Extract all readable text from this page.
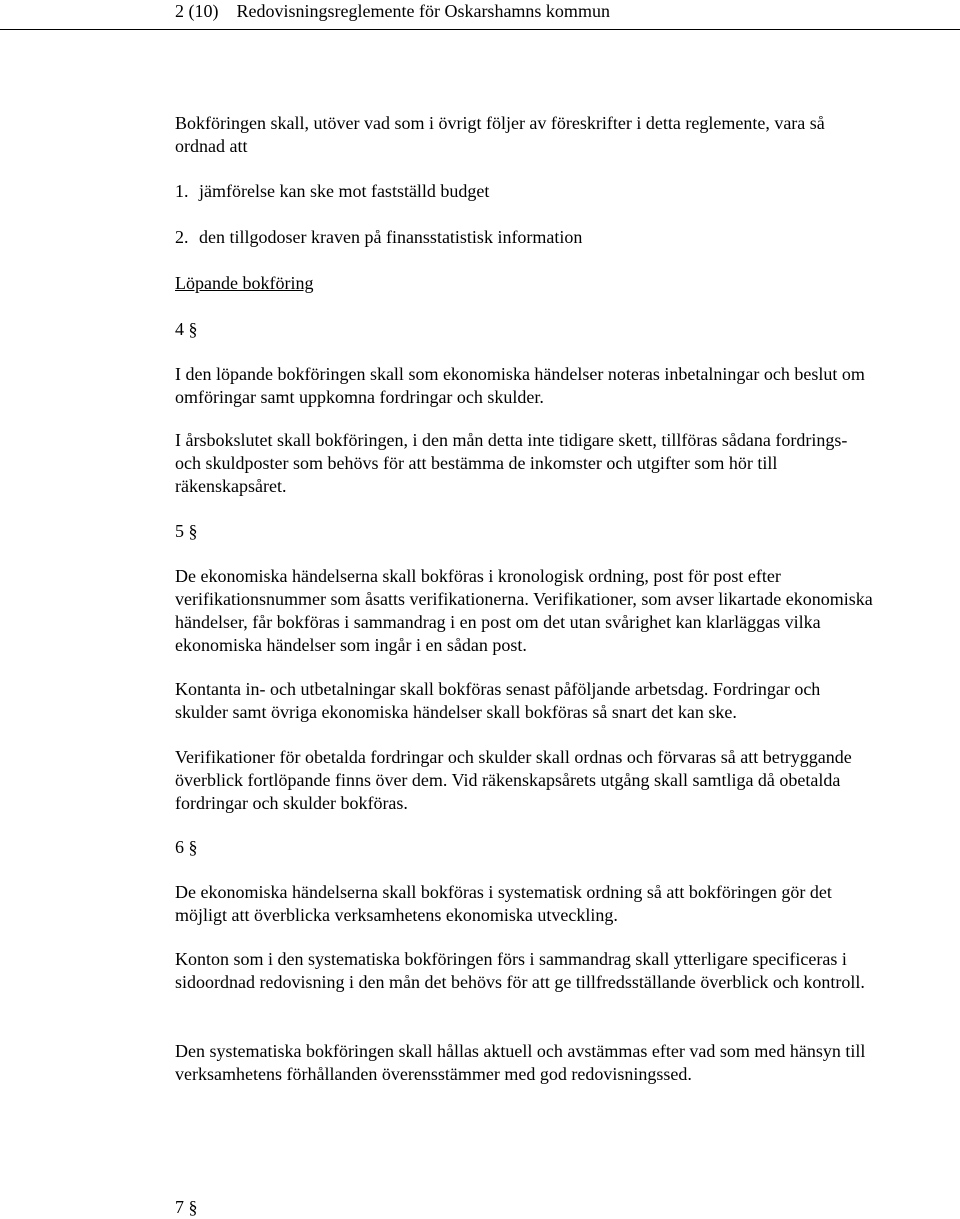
2 (10) Redovisningsreglemente för Oskarshamns kommun

Bokföringen skall, utöver vad som i övrigt följer av föreskrifter i detta reglemente, vara så ordnad att

1. jämförelse kan ske mot fastställd budget
2. den tillgodoser kraven på finansstatistisk information
Löpande bokföring
4 §

I den löpande bokföringen skall som ekonomiska händelser noteras inbetalningar och beslut om omföringar samt uppkomna fordringar och skulder.

I årsbokslutet skall bokföringen, i den mån detta inte tidigare skett, tillföras sådana fordrings- och skuldposter som behövs för att bestämma de inkomster och utgifter som hör till räkenskapsåret.

5 §

De ekonomiska händelserna skall bokföras i kronologisk ordning, post för post efter verifikationsnummer som åsatts verifikationerna. Verifikationer, som avser likartade ekonomiska händelser, får bokföras i sammandrag i en post om det utan svårighet kan klarläggas vilka ekonomiska händelser som ingår i en sådan post.

Kontanta in- och utbetalningar skall bokföras senast påföljande arbetsdag. Fordringar och skulder samt övriga ekonomiska händelser skall bokföras så snart det kan ske.

Verifikationer för obetalda fordringar och skulder skall ordnas och förvaras så att betryggande överblick fortlöpande finns över dem. Vid räkenskapsårets utgång skall samtliga då obetalda fordringar och skulder bokföras.

6 §

De ekonomiska händelserna skall bokföras i systematisk ordning så att bokföringen gör det möjligt att överblicka verksamhetens ekonomiska utveckling.

Konton som i den systematiska bokföringen förs i sammandrag skall ytterligare specificeras i sidoordnad redovisning i den mån det behövs för att ge tillfredsställande överblick och kontroll.

Den systematiska bokföringen skall hållas aktuell och avstämmas efter vad som med hänsyn till verksamhetens förhållanden överensstämmer med god redovisningssed.

7 §
